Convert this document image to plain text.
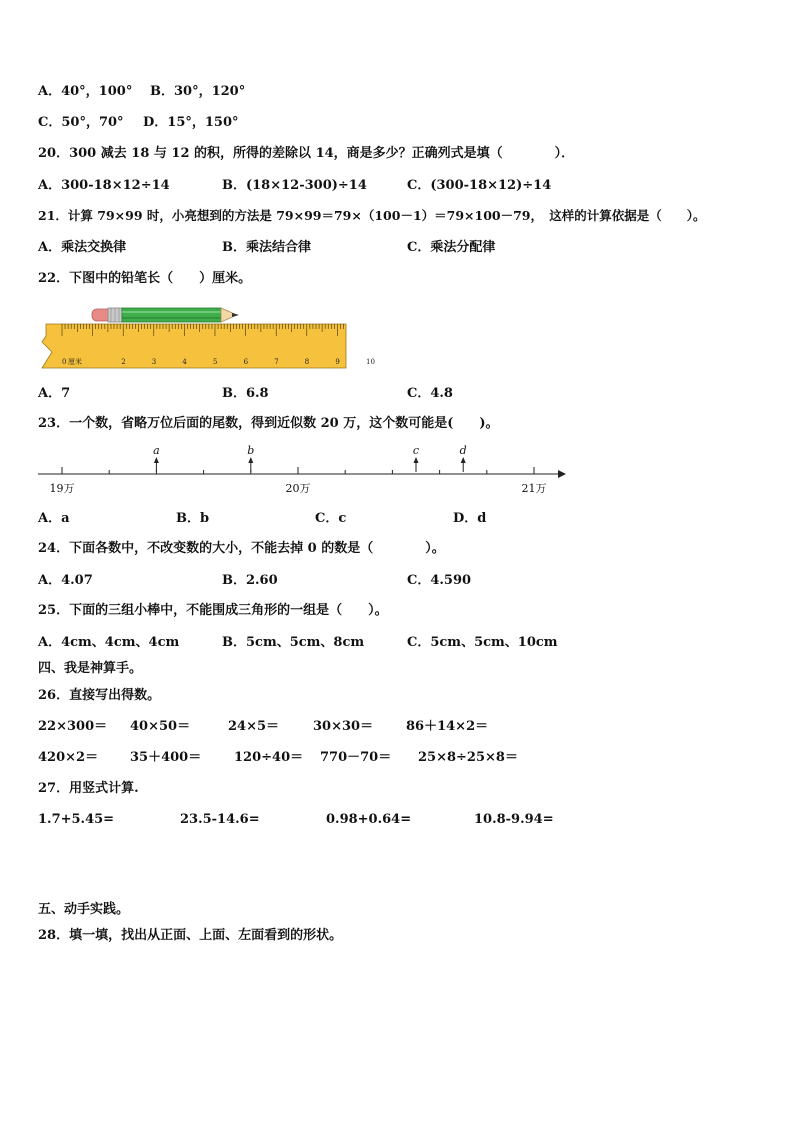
A．40°，100° B．30°，120°
C．50°，70° D．15°，150°
20．300 减去 18 与 12 的积，所得的差除以 14，商是多少？正确列式是填（　　　　）．
A．300-18×12÷14	B．(18×12-300)÷14	C．(300-18×12)÷14
21．计算 79×99 时，小亮想到的方法是 79×99＝79×（100－1）＝79×100－79，　这样的计算依据是（　　）。
A．乘法交换律	B．乘法结合律	C．乘法分配律
22．下图中的铅笔长（　　）厘米。
0 厘米	2	3	4	5	6	7	8	9	10
A．7	B．6.8	C．4.8
23．一个数，省略万位后面的尾数，得到近似数 20 万，这个数可能是(　　)。
a	b	c	d
19万	20万	21万
A．a	B．b	C．c	D．d
24．下面各数中，不改变数的大小，不能去掉 0 的数是（　　　　）。
A．4.07	B．2.60	C．4.590
25．下面的三组小棒中，不能围成三角形的一组是（　　）。
A．4cm、4cm、4cm	B．5cm、5cm、8cm	C．5cm、5cm、10cm
四、我是神算手。
26．直接写出得数。
22×300＝ 40×50＝	24×5＝	30×30＝	86＋14×2＝
420×2＝ 35＋400＝	120÷40＝ 770－70＝ 25×8÷25×8＝
27．用竖式计算.
1.7+5.45=	23.5-14.6=	0.98+0.64=	10.8-9.94=
五、动手实践。
28．填一填，找出从正面、上面、左面看到的形状。
